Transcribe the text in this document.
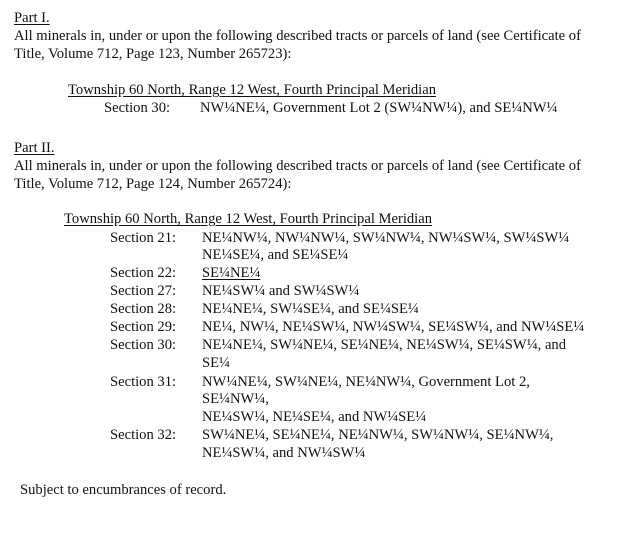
Part I.
All minerals in, under or upon the following described tracts or parcels of land (see Certificate of
Title, Volume 712, Page 123, Number 265723):
Township 60 North, Range 12 West, Fourth Principal Meridian
Section 30: NW¼NE¼, Government Lot 2 (SW¼NW¼), and SE¼NW¼
Part II.
All minerals in, under or upon the following described tracts or parcels of land (see Certificate of
Title, Volume 712, Page 124, Number 265724):
Township 60 North, Range 12 West, Fourth Principal Meridian
Section 21: NE¼NW¼, NW¼NW¼, SW¼NW¼, NW¼SW¼, SW¼SW¼
NE¼SE¼, and SE¼SE¼
Section 22: SE¼NE¼
Section 27: NE¼SW¼ and SW¼SW¼
Section 28: NE¼NE¼, SW¼SE¼, and SE¼SE¼
Section 29: NE¼, NW¼, NE¼SW¼, NW¼SW¼, SE¼SW¼, and NW¼SE¼
Section 30: NE¼NE¼, SW¼NE¼, SE¼NE¼, NE¼SW¼, SE¼SW¼, and
SE¼
Section 31: NW¼NE¼, SW¼NE¼, NE¼NW¼, Government Lot 2,
SE¼NW¼,
NE¼SW¼, NE¼SE¼, and NW¼SE¼
Section 32: SW¼NE¼, SE¼NE¼, NE¼NW¼, SW¼NW¼, SE¼NW¼,
NE¼SW¼, and NW¼SW¼
Subject to encumbrances of record.
